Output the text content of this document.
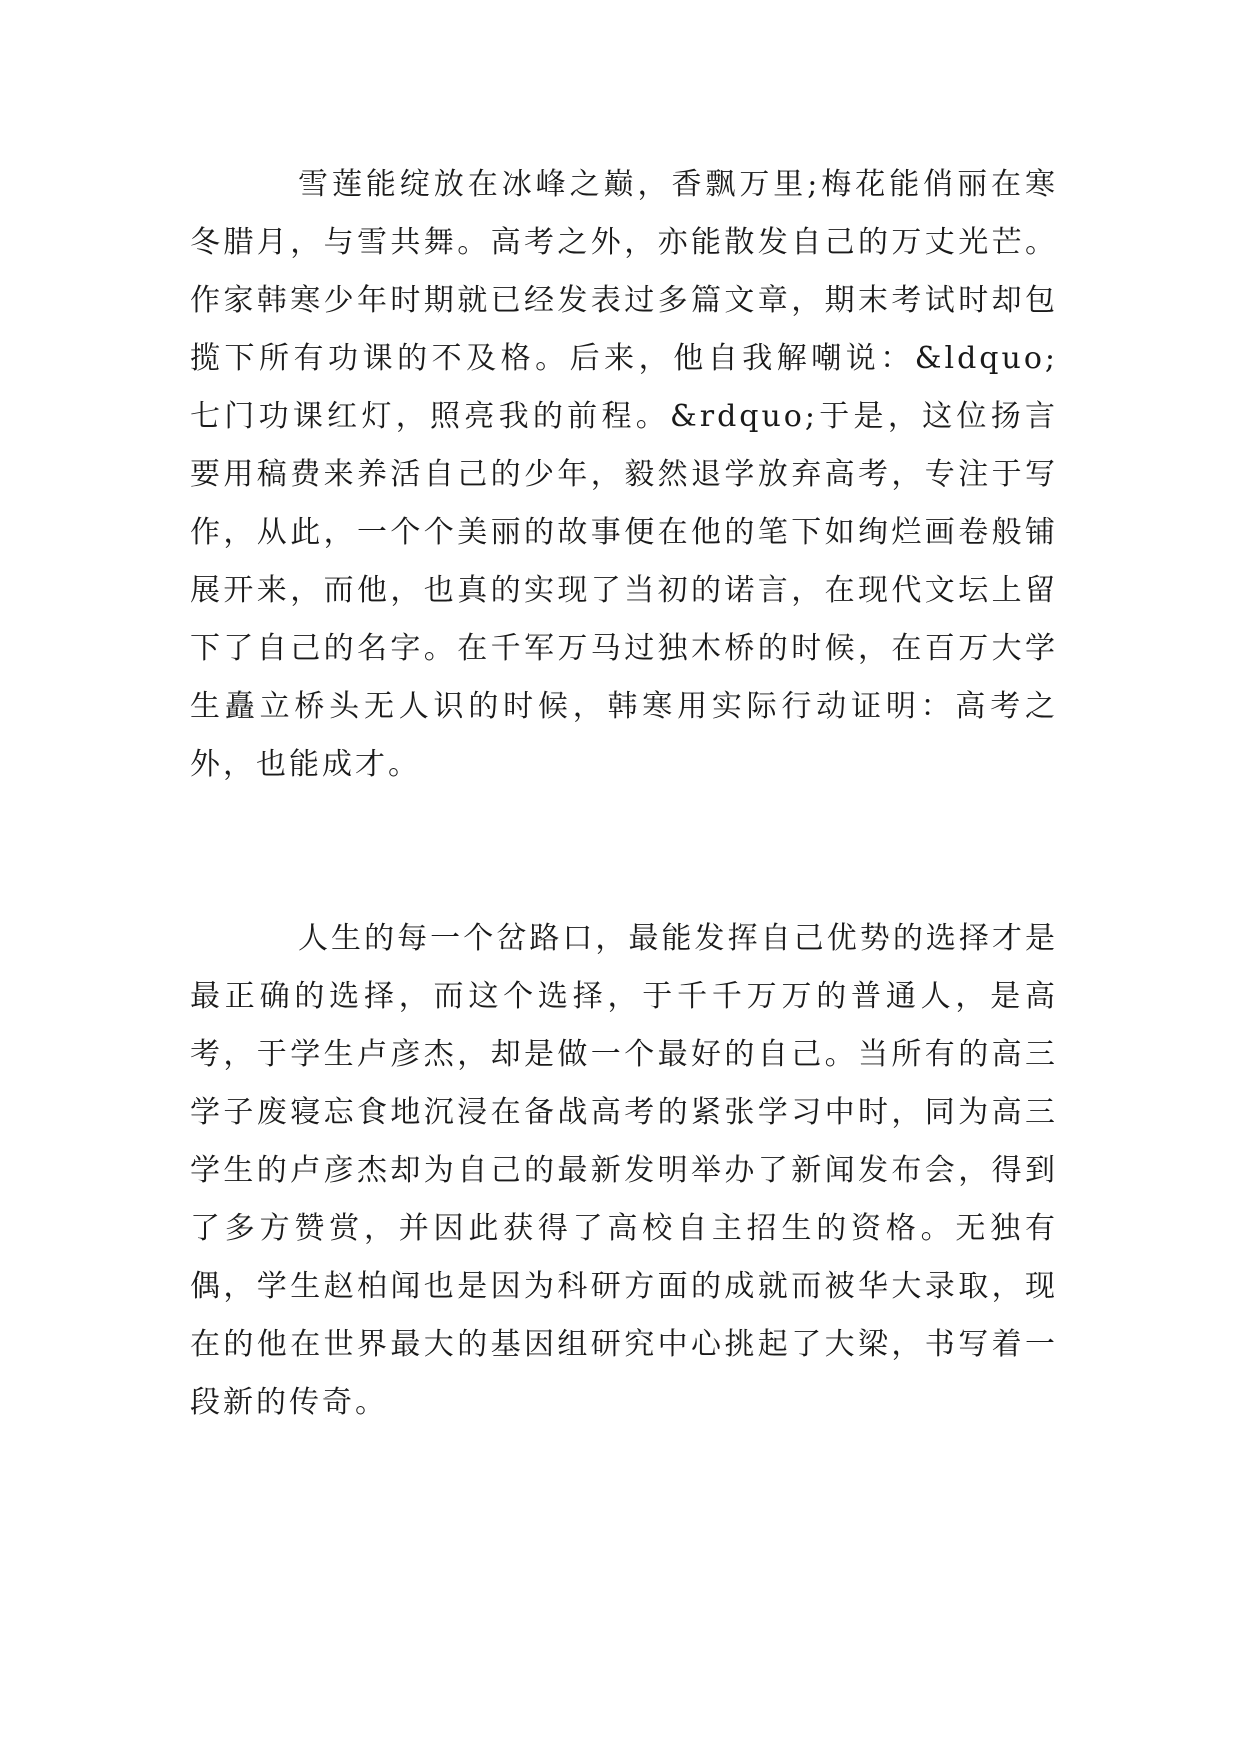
雪莲能绽放在冰峰之巅，香飘万里;梅花能俏丽在寒冬腊月，与雪共舞。高考之外，亦能散发自己的万丈光芒。作家韩寒少年时期就已经发表过多篇文章，期末考试时却包揽下所有功课的不及格。后来，他自我解嘲说：&ldquo;七门功课红灯，照亮我的前程。&rdquo;于是，这位扬言要用稿费来养活自己的少年，毅然退学放弃高考，专注于写作，从此，一个个美丽的故事便在他的笔下如绚烂画卷般铺展开来，而他，也真的实现了当初的诺言，在现代文坛上留下了自己的名字。在千军万马过独木桥的时候，在百万大学生矗立桥头无人识的时候，韩寒用实际行动证明：高考之外，也能成才。

人生的每一个岔路口，最能发挥自己优势的选择才是最正确的选择，而这个选择，于千千万万的普通人，是高考，于学生卢彦杰，却是做一个最好的自己。当所有的高三学子废寝忘食地沉浸在备战高考的紧张学习中时，同为高三学生的卢彦杰却为自己的最新发明举办了新闻发布会，得到了多方赞赏，并因此获得了高校自主招生的资格。无独有偶，学生赵柏闻也是因为科研方面的成就而被华大录取，现在的他在世界最大的基因组研究中心挑起了大梁，书写着一段新的传奇。
